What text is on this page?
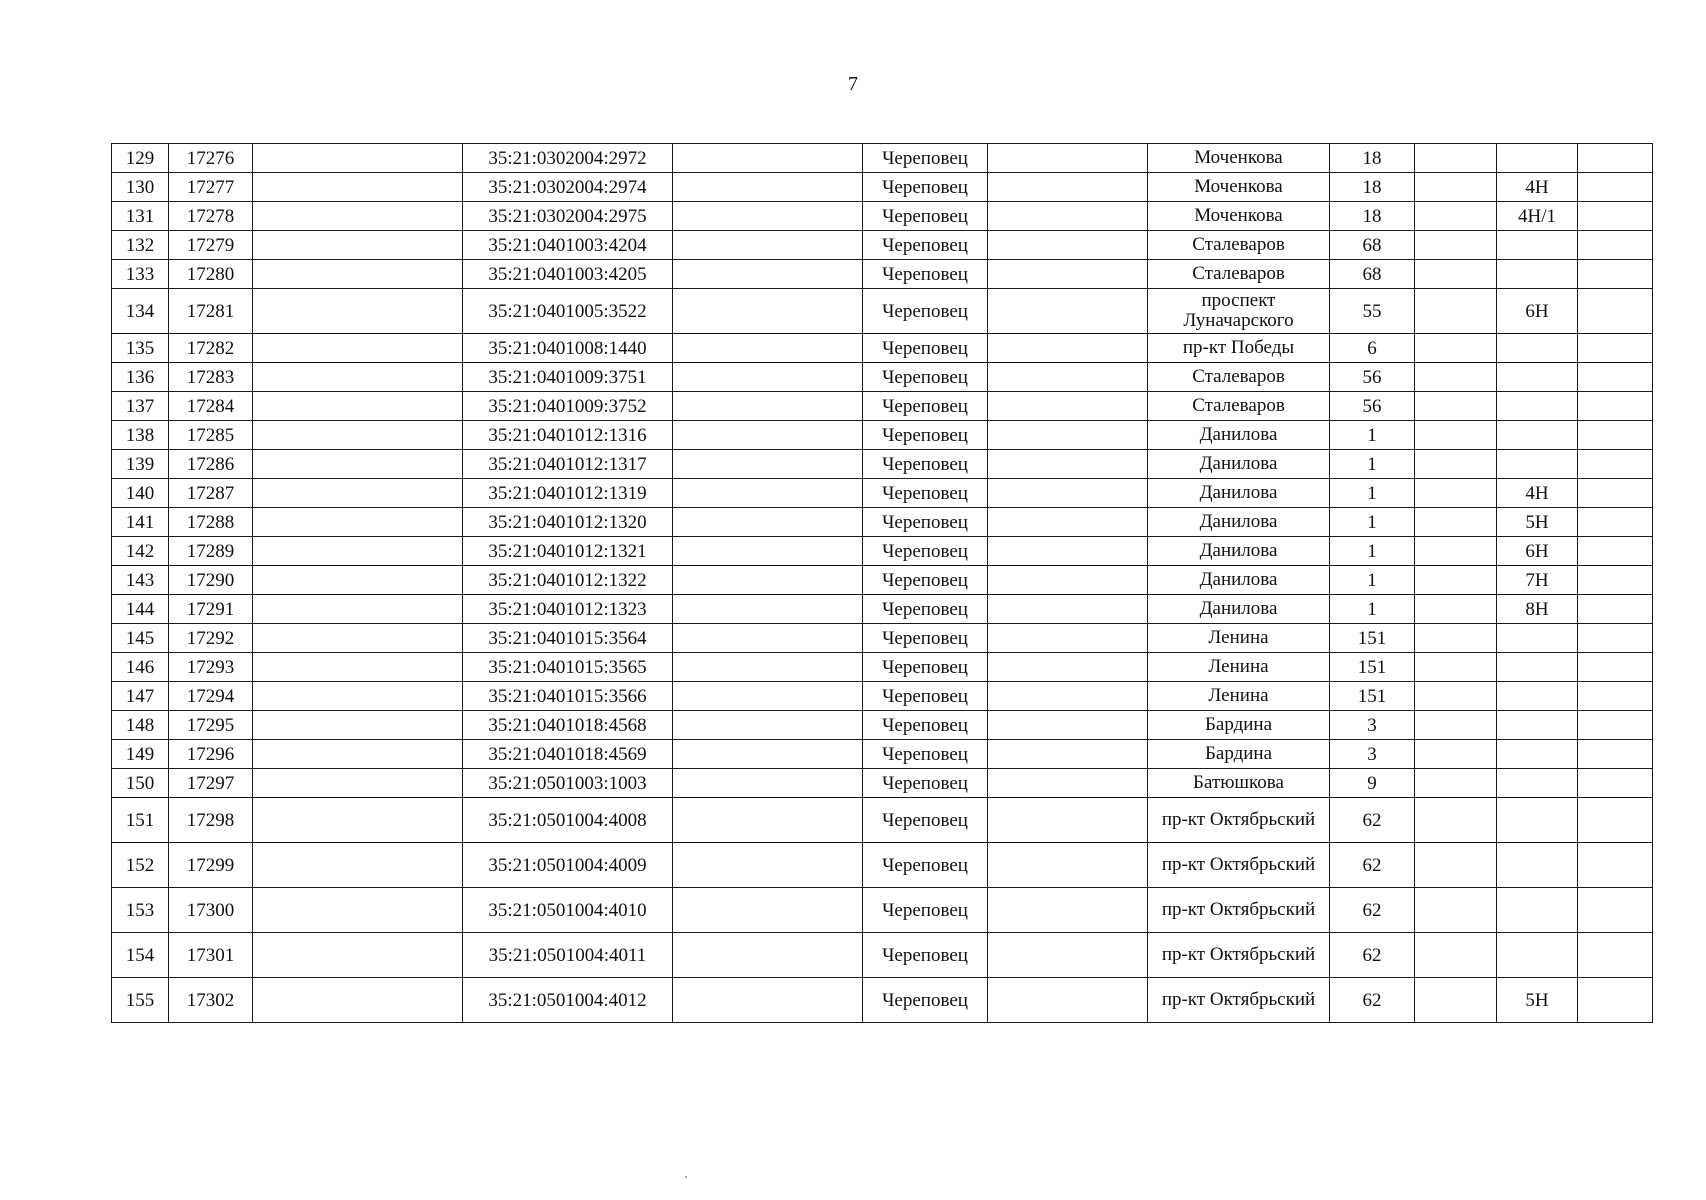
7
129	17276		35:21:0302004:2972		Череповец		Моченкова	18			
130	17277		35:21:0302004:2974		Череповец		Моченкова	18		4Н	
131	17278		35:21:0302004:2975		Череповец		Моченкова	18		4Н/1	
132	17279		35:21:0401003:4204		Череповец		Сталеваров	68			
133	17280		35:21:0401003:4205		Череповец		Сталеваров	68			
134	17281		35:21:0401005:3522		Череповец		проспект Луначарского	55		6Н	
135	17282		35:21:0401008:1440		Череповец		пр-кт Победы	6			
136	17283		35:21:0401009:3751		Череповец		Сталеваров	56			
137	17284		35:21:0401009:3752		Череповец		Сталеваров	56			
138	17285		35:21:0401012:1316		Череповец		Данилова	1			
139	17286		35:21:0401012:1317		Череповец		Данилова	1			
140	17287		35:21:0401012:1319		Череповец		Данилова	1		4Н	
141	17288		35:21:0401012:1320		Череповец		Данилова	1		5Н	
142	17289		35:21:0401012:1321		Череповец		Данилова	1		6Н	
143	17290		35:21:0401012:1322		Череповец		Данилова	1		7Н	
144	17291		35:21:0401012:1323		Череповец		Данилова	1		8Н	
145	17292		35:21:0401015:3564		Череповец		Ленина	151			
146	17293		35:21:0401015:3565		Череповец		Ленина	151			
147	17294		35:21:0401015:3566		Череповец		Ленина	151			
148	17295		35:21:0401018:4568		Череповец		Бардина	3			
149	17296		35:21:0401018:4569		Череповец		Бардина	3			
150	17297		35:21:0501003:1003		Череповец		Батюшкова	9			
151	17298		35:21:0501004:4008		Череповец		пр-кт Октябрьский	62			
152	17299		35:21:0501004:4009		Череповец		пр-кт Октябрьский	62			
153	17300		35:21:0501004:4010		Череповец		пр-кт Октябрьский	62			
154	17301		35:21:0501004:4011		Череповец		пр-кт Октябрьский	62			
155	17302		35:21:0501004:4012		Череповец		пр-кт Октябрьский	62		5Н	
